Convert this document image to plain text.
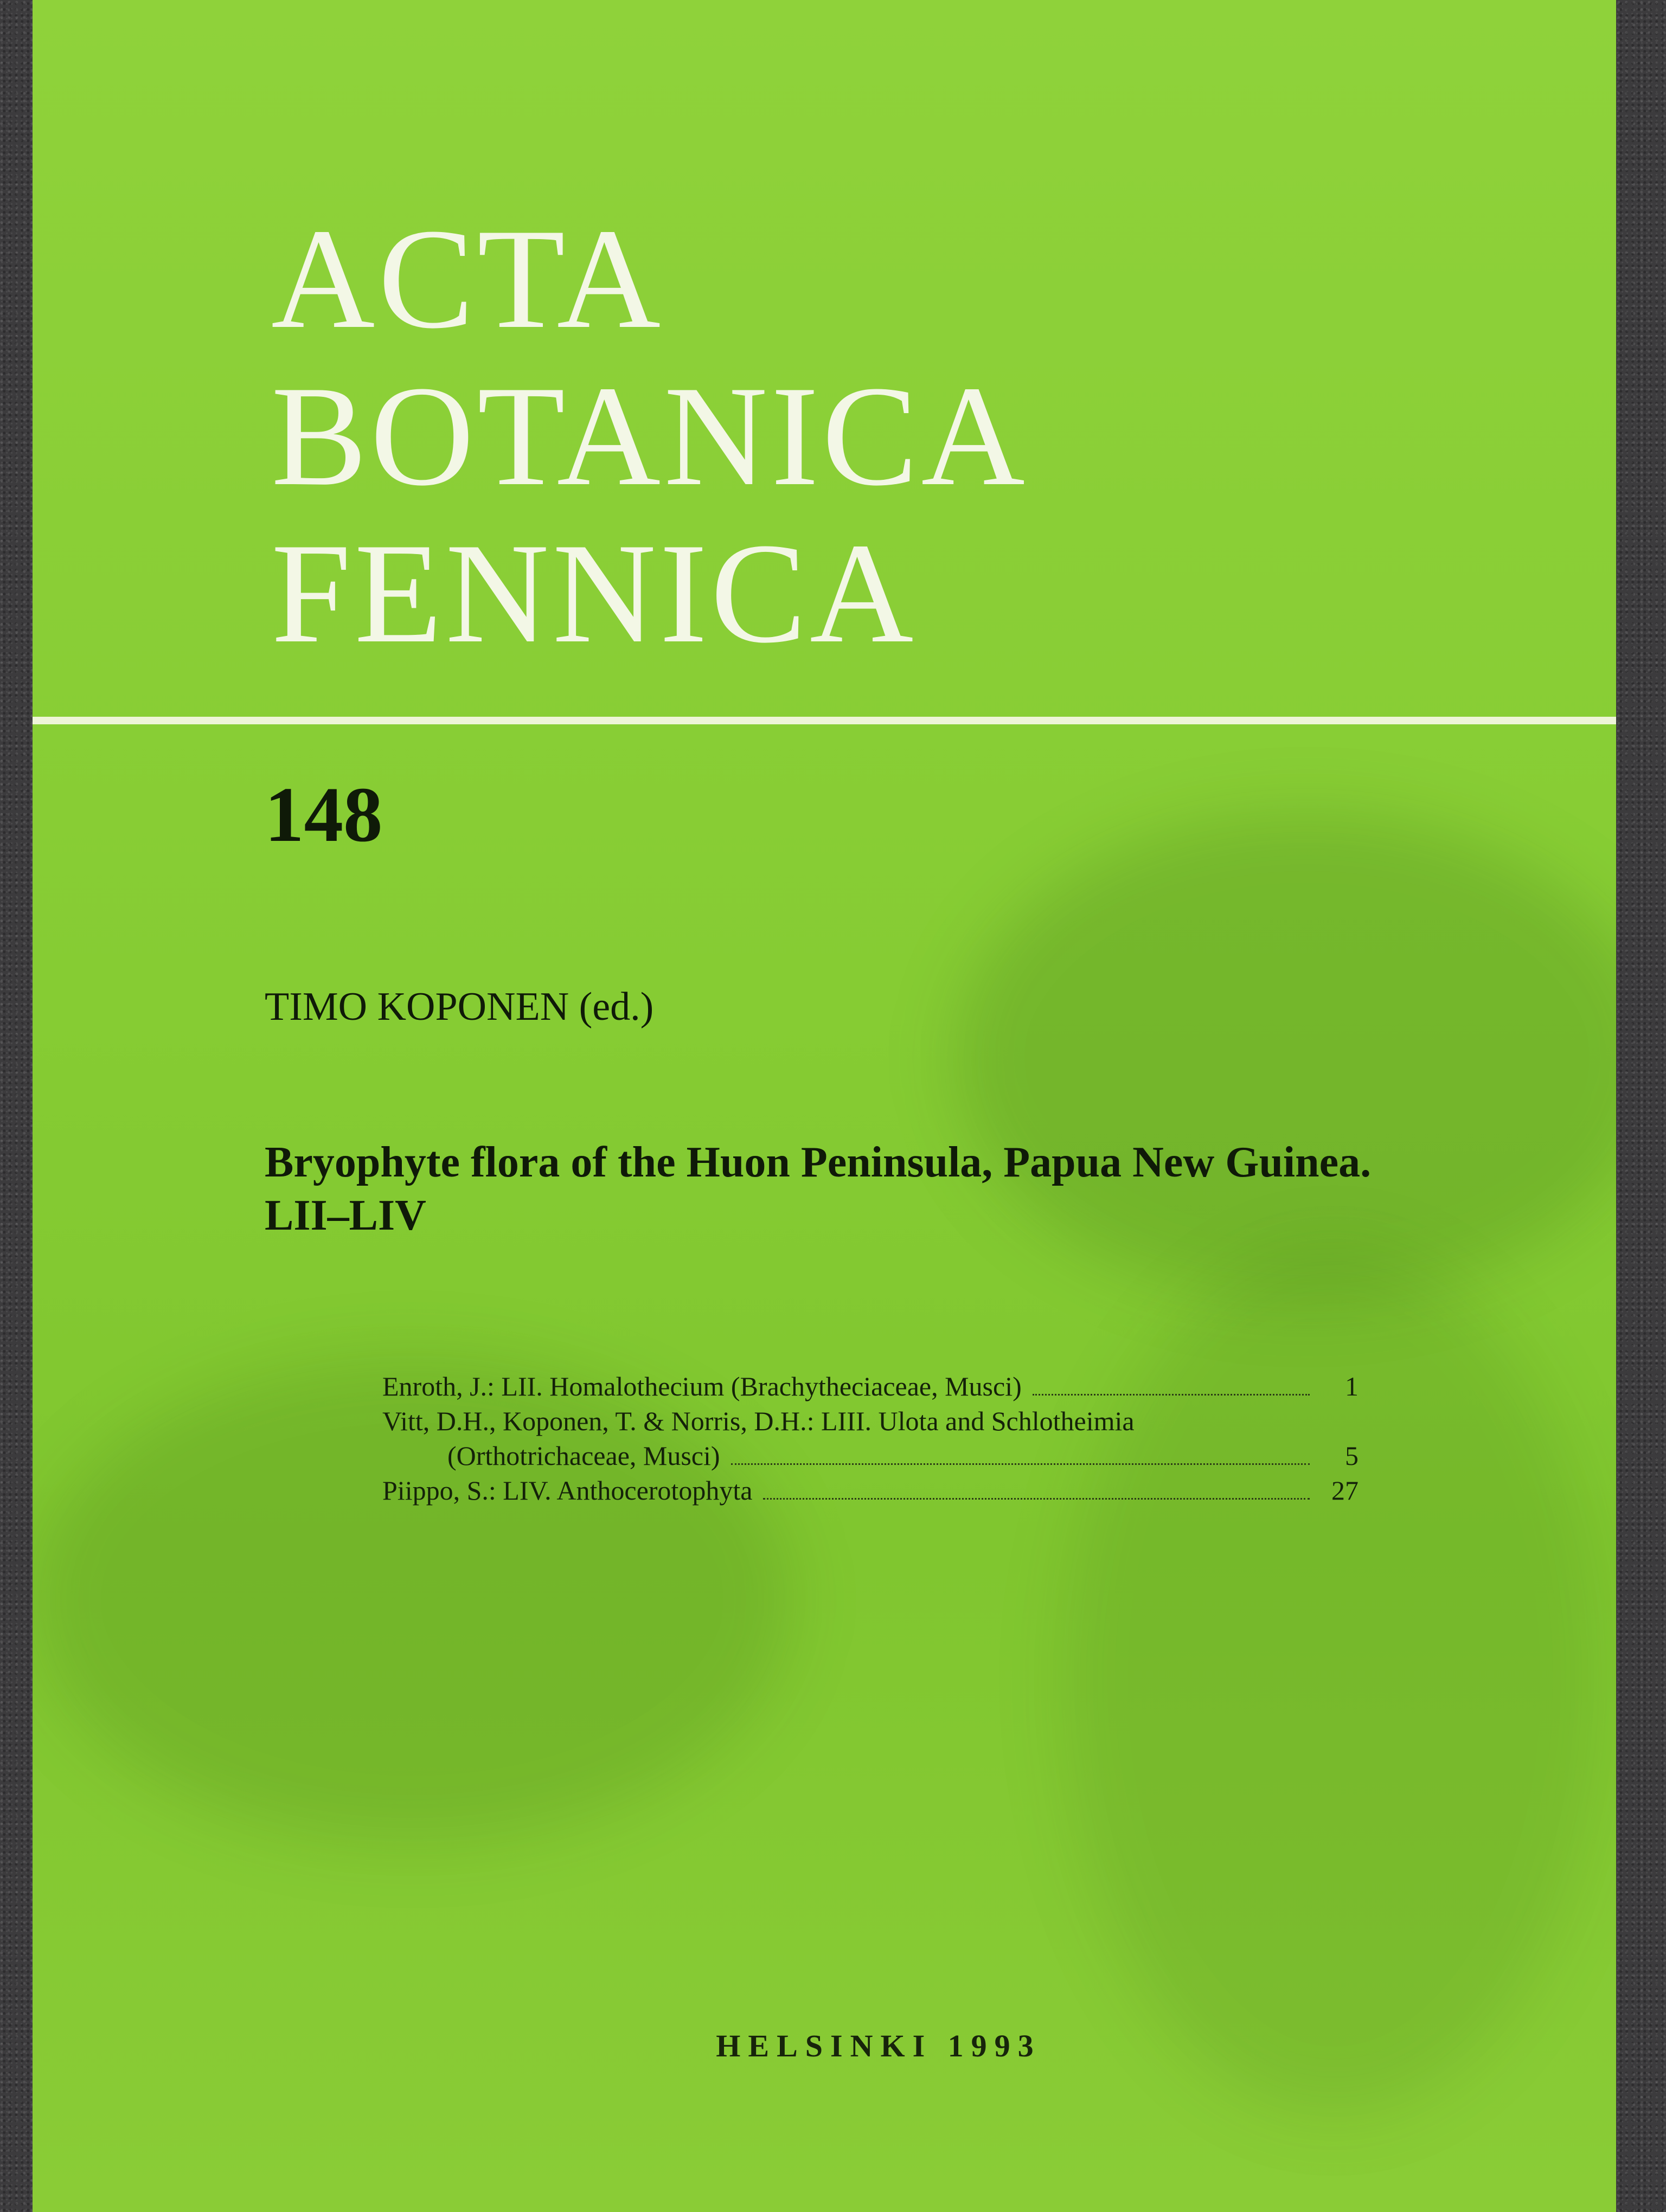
ACTA
BOTANICA
FENNICA
148
TIMO KOPONEN (ed.)
Bryophyte flora of the Huon Peninsula, Papua New Guinea.
LII–LIV
Enroth, J.: LII. Homalothecium (Brachytheciaceae, Musci)	1
Vitt, D.H., Koponen, T. & Norris, D.H.: LIII. Ulota and Schlotheimia
(Orthotrichaceae, Musci)	5
Piippo, S.: LIV. Anthocerotophyta	27
HELSINKI 1993
